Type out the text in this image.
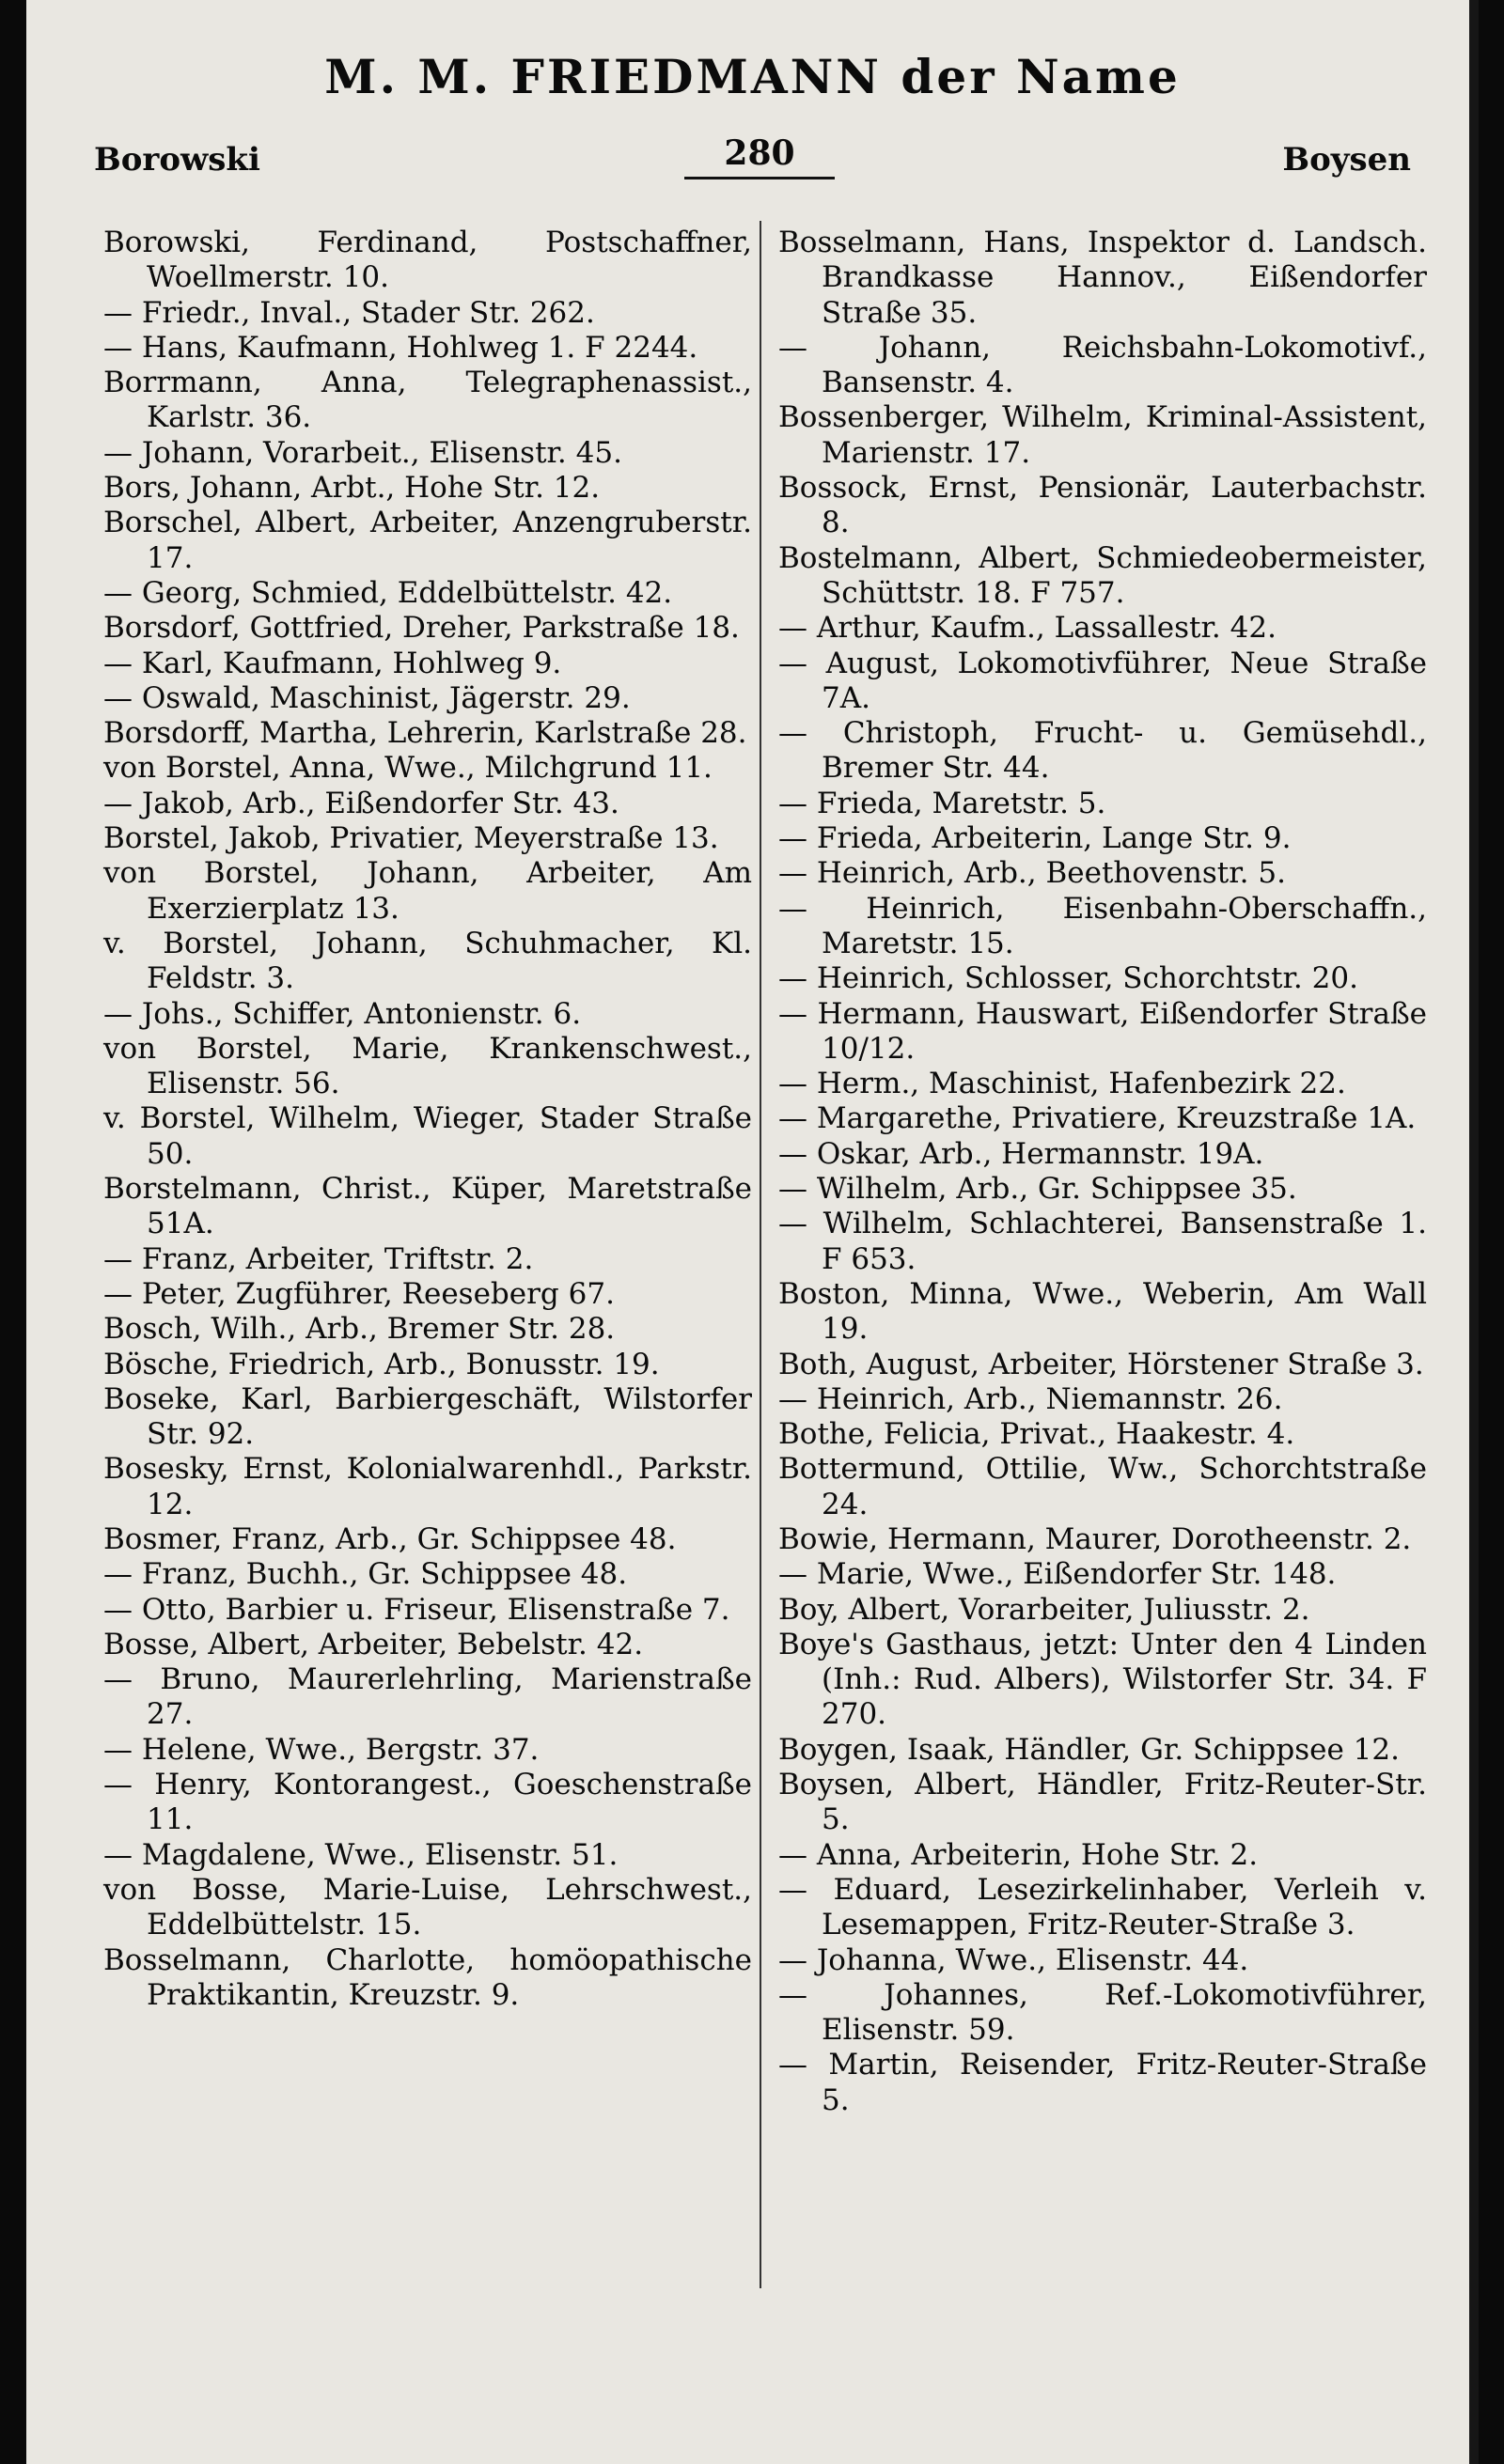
M. M. FRIEDMANN der Name
Borowski	280	Boysen
Borowski, Ferdinand, Postschaffner, Woellmerstr. 10.
— Friedr., Inval., Stader Str. 262.
— Hans, Kaufmann, Hohlweg 1. F 2244.
Borrmann, Anna, Telegraphenassist., Karlstr. 36.
— Johann, Vorarbeit., Elisenstr. 45.
Bors, Johann, Arbt., Hohe Str. 12.
Borschel, Albert, Arbeiter, Anzengruberstr. 17.
— Georg, Schmied, Eddelbüttelstr. 42.
Borsdorf, Gottfried, Dreher, Parkstraße 18.
— Karl, Kaufmann, Hohlweg 9.
— Oswald, Maschinist, Jägerstr. 29.
Borsdorff, Martha, Lehrerin, Karlstraße 28.
von Borstel, Anna, Wwe., Milchgrund 11.
— Jakob, Arb., Eißendorfer Str. 43.
Borstel, Jakob, Privatier, Meyerstraße 13.
von Borstel, Johann, Arbeiter, Am Exerzierplatz 13.
v. Borstel, Johann, Schuhmacher, Kl. Feldstr. 3.
— Johs., Schiffer, Antonienstr. 6.
von Borstel, Marie, Krankenschwest., Elisenstr. 56.
v. Borstel, Wilhelm, Wieger, Stader Straße 50.
Borstelmann, Christ., Küper, Maretstraße 51A.
— Franz, Arbeiter, Triftstr. 2.
— Peter, Zugführer, Reeseberg 67.
Bosch, Wilh., Arb., Bremer Str. 28.
Bösche, Friedrich, Arb., Bonusstr. 19.
Boseke, Karl, Barbiergeschäft, Wilstorfer Str. 92.
Bosesky, Ernst, Kolonialwarenhdl., Parkstr. 12.
Bosmer, Franz, Arb., Gr. Schippsee 48.
— Franz, Buchh., Gr. Schippsee 48.
— Otto, Barbier u. Friseur, Elisenstraße 7.
Bosse, Albert, Arbeiter, Bebelstr. 42.
— Bruno, Maurerlehrling, Marienstraße 27.
— Helene, Wwe., Bergstr. 37.
— Henry, Kontorangest., Goeschenstraße 11.
— Magdalene, Wwe., Elisenstr. 51.
von Bosse, Marie-Luise, Lehrschwest., Eddelbüttelstr. 15.
Bosselmann, Charlotte, homöopathische Praktikantin, Kreuzstr. 9.
Bosselmann, Hans, Inspektor d. Landsch. Brandkasse Hannov., Eißendorfer Straße 35.
— Johann, Reichsbahn-Lokomotivf., Bansenstr. 4.
Bossenberger, Wilhelm, Kriminal-Assistent, Marienstr. 17.
Bossock, Ernst, Pensionär, Lauterbachstr. 8.
Bostelmann, Albert, Schmiedeobermeister, Schüttstr. 18. F 757.
— Arthur, Kaufm., Lassallestr. 42.
— August, Lokomotivführer, Neue Straße 7A.
— Christoph, Frucht- u. Gemüsehdl., Bremer Str. 44.
— Frieda, Maretstr. 5.
— Frieda, Arbeiterin, Lange Str. 9.
— Heinrich, Arb., Beethovenstr. 5.
— Heinrich, Eisenbahn-Oberschaffn., Maretstr. 15.
— Heinrich, Schlosser, Schorchtstr. 20.
— Hermann, Hauswart, Eißendorfer Straße 10/12.
— Herm., Maschinist, Hafenbezirk 22.
— Margarethe, Privatiere, Kreuzstraße 1A.
— Oskar, Arb., Hermannstr. 19A.
— Wilhelm, Arb., Gr. Schippsee 35.
— Wilhelm, Schlachterei, Bansenstraße 1. F 653.
Boston, Minna, Wwe., Weberin, Am Wall 19.
Both, August, Arbeiter, Hörstener Straße 3.
— Heinrich, Arb., Niemannstr. 26.
Bothe, Felicia, Privat., Haakestr. 4.
Bottermund, Ottilie, Ww., Schorchtstraße 24.
Bowie, Hermann, Maurer, Dorotheenstr. 2.
— Marie, Wwe., Eißendorfer Str. 148.
Boy, Albert, Vorarbeiter, Juliusstr. 2.
Boye's Gasthaus, jetzt: Unter den 4 Linden (Inh.: Rud. Albers), Wilstorfer Str. 34. F 270.
Boygen, Isaak, Händler, Gr. Schippsee 12.
Boysen, Albert, Händler, Fritz-Reuter-Str. 5.
— Anna, Arbeiterin, Hohe Str. 2.
— Eduard, Lesezirkelinhaber, Verleih v. Lesemappen, Fritz-Reuter-Straße 3.
— Johanna, Wwe., Elisenstr. 44.
— Johannes, Ref.-Lokomotivführer, Elisenstr. 59.
— Martin, Reisender, Fritz-Reuter-Straße 5.
